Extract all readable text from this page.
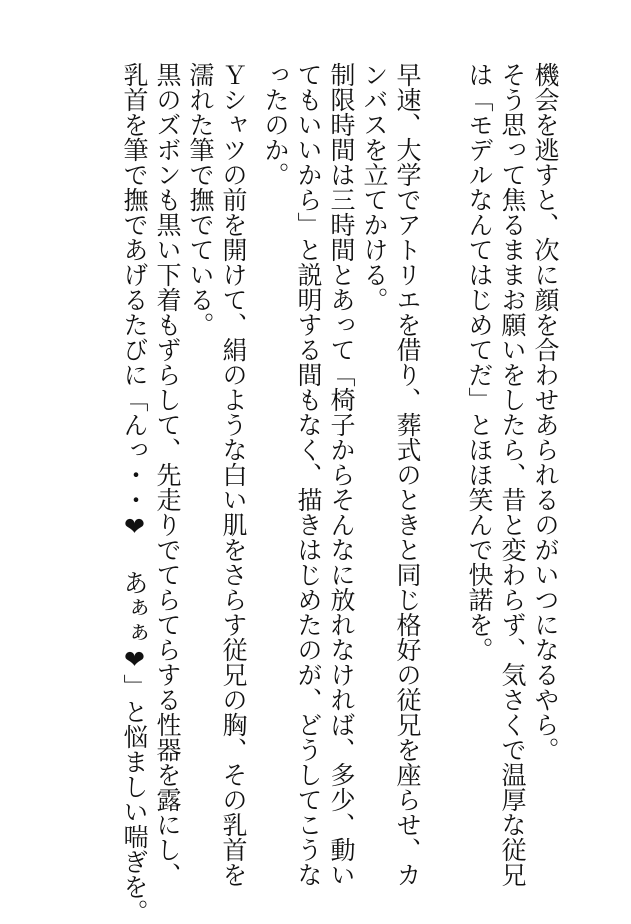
機会を逃すと、次に顔を合わせあられるのがいつになるやら。
そう思って焦るままお願いをしたら、昔と変わらず、気さくで温厚な従兄
は「モデルなんてはじめてだ」とほほ笑んで快諾を。
早速、大学でアトリエを借り、葬式のときと同じ格好の従兄を座らせ、カ
ンバスを立てかける。
制限時間は三時間とあって「椅子からそんなに放れなければ、多少、動い
てもいいから」と説明する間もなく、描きはじめたのが、どうしてこうな
ったのか。
Ｙシャツの前を開けて、絹のような白い肌をさらす従兄の胸、その乳首を
濡れた筆で撫でている。
黒のズボンも黒い下着もずらして、先走りでてらてらする性器を露にし、
乳首を筆で撫であげるたびに「んっ・・❤ あぁぁ❤」と悩ましい喘ぎを。
